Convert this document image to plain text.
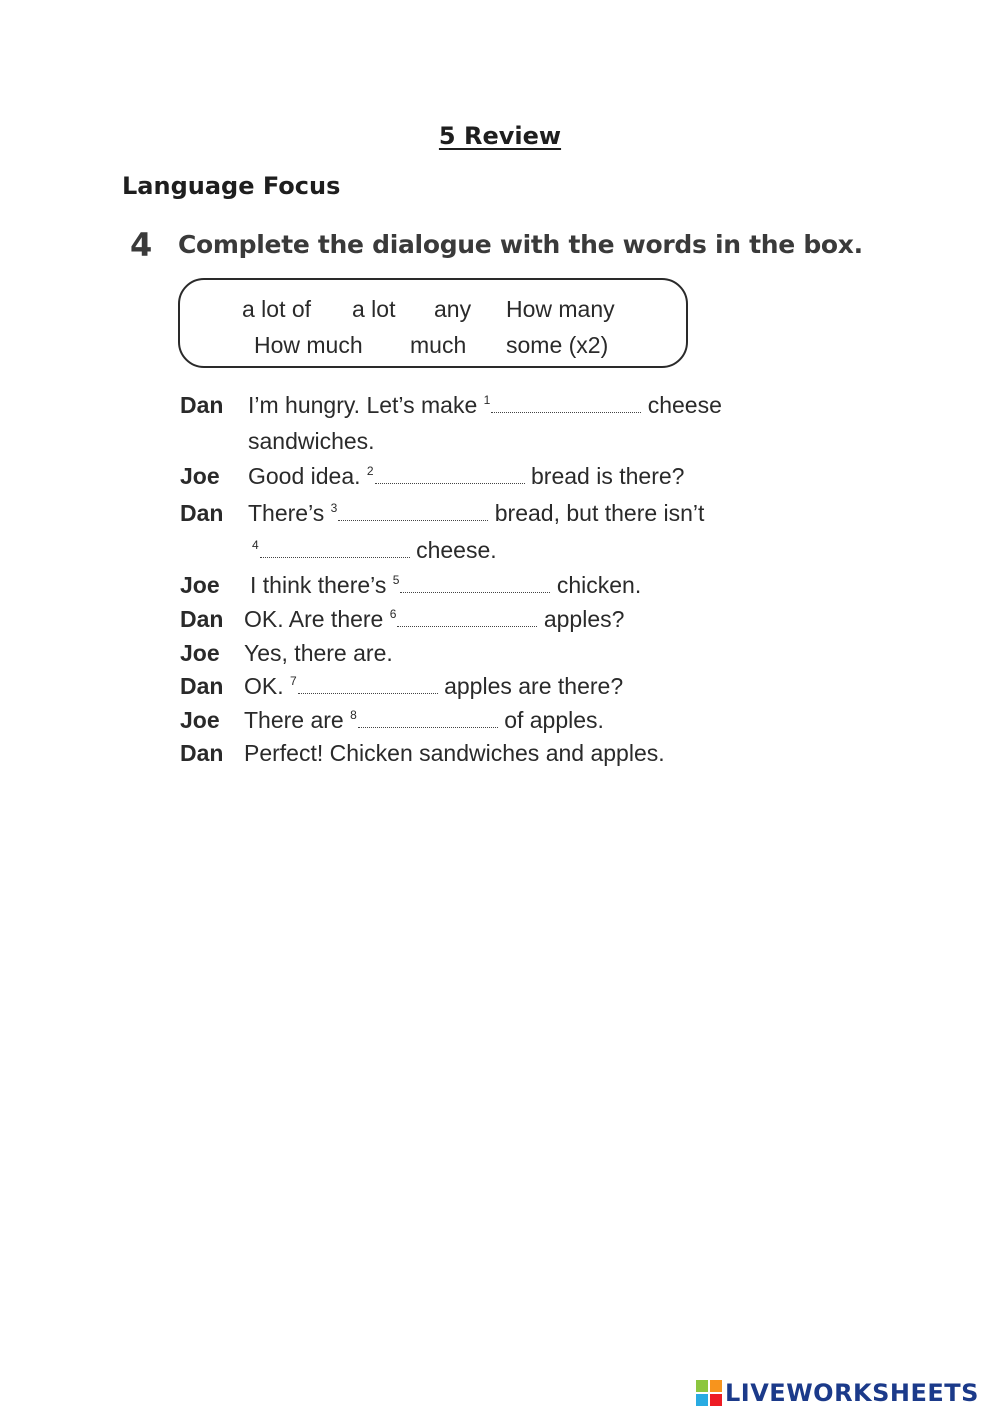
5 Review
Language Focus
4 Complete the dialogue with the words in the box.
a lot of a lot any How many
How much much some (x2)
Dan I’m hungry. Let’s make $^1$	cheese
sandwiches.
Joe Good idea. $^2$	bread is there?
Dan There’s $^3$	bread, but there isn’t
$^4$	cheese.
Joe I think there’s $^5$	chicken.
Dan OK. Are there $^6$	apples?
Joe Yes, there are.
Dan OK. $^7$	apples are there?
Joe There are $^8$	of apples.
Dan Perfect! Chicken sandwiches and apples.
LIVEWORKSHEETS
